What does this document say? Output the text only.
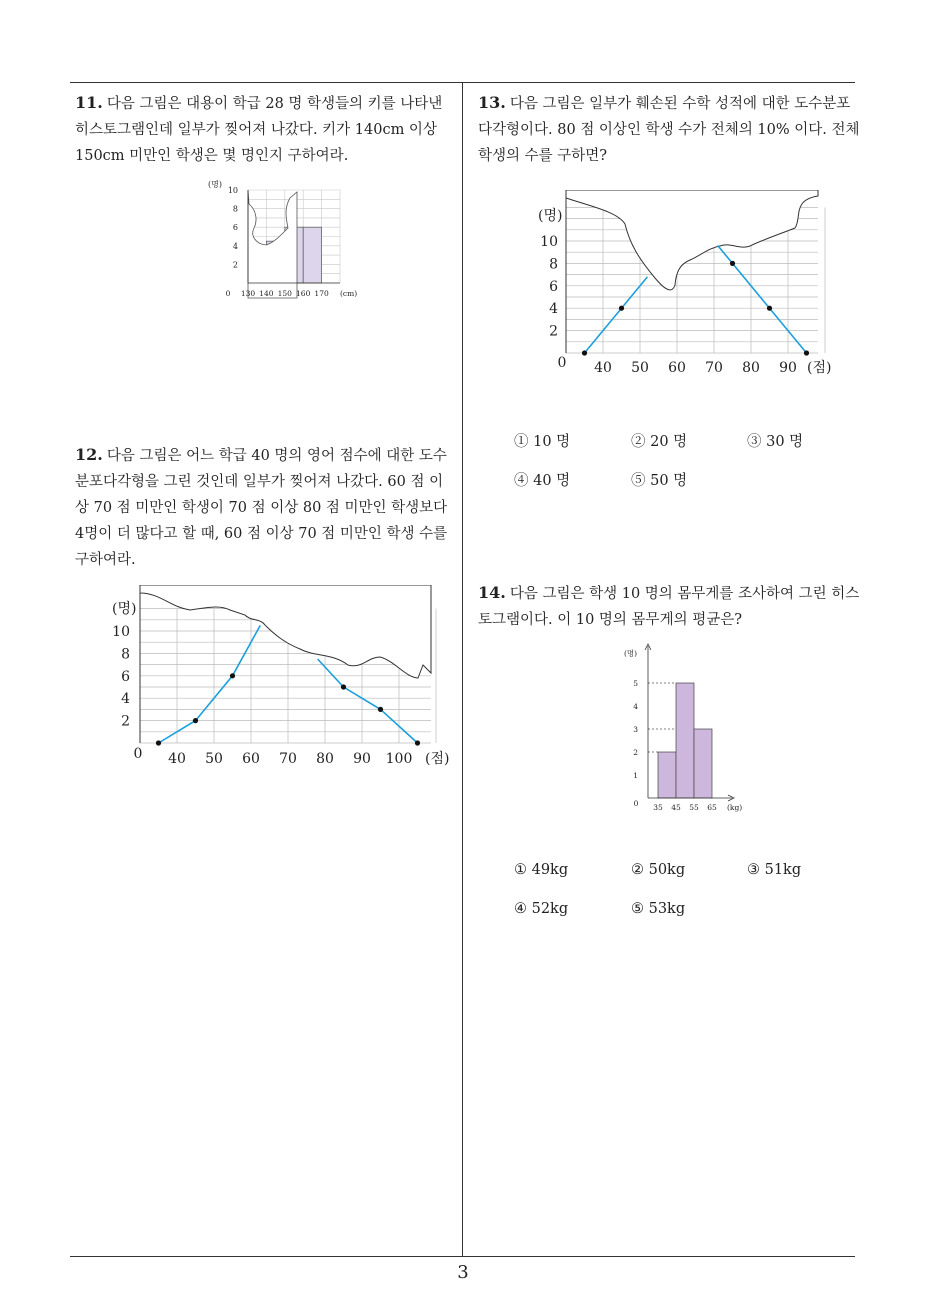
11. 다음 그림은 대용이 학급 28 명 학생들의 키를 나타낸 히스토그램인데 일부가 찢어져 나갔다. 키가 140cm 이상 150cm 미만인 학생은 몇 명인지 구하여라.
(명)
2
4
6
8
10
0 130 140 150 160 170 (cm)
12. 다음 그림은 어느 학급 40 명의 영어 점수에 대한 도수분포다각형을 그린 것인데 일부가 찢어져 나갔다. 60 점 이상 70 점 미만인 학생이 70 점 이상 80 점 미만인 학생보다 4명이 더 많다고 할 때, 60 점 이상 70 점 미만인 학생 수를 구하여라.
(명)
2
4
6
8
10
0 40 50 60 70 80 90 100 (점)
13. 다음 그림은 일부가 훼손된 수학 성적에 대한 도수분포다각형이다. 80 점 이상인 학생 수가 전체의 10% 이다. 전체 학생의 수를 구하면?
(명)
2
4
6
8
10
0 40 50 60 70 80 90 (점)
① 10 명	② 20 명	③ 30 명
④ 40 명	⑤ 50 명
14. 다음 그림은 학생 10 명의 몸무게를 조사하여 그린 히스토그램이다. 이 10 명의 몸무게의 평균은?
(명)
1
2
3
4
5
0 35 45 55 65 (kg)
① 49kg	② 50kg	③ 51kg
④ 52kg	⑤ 53kg
3
